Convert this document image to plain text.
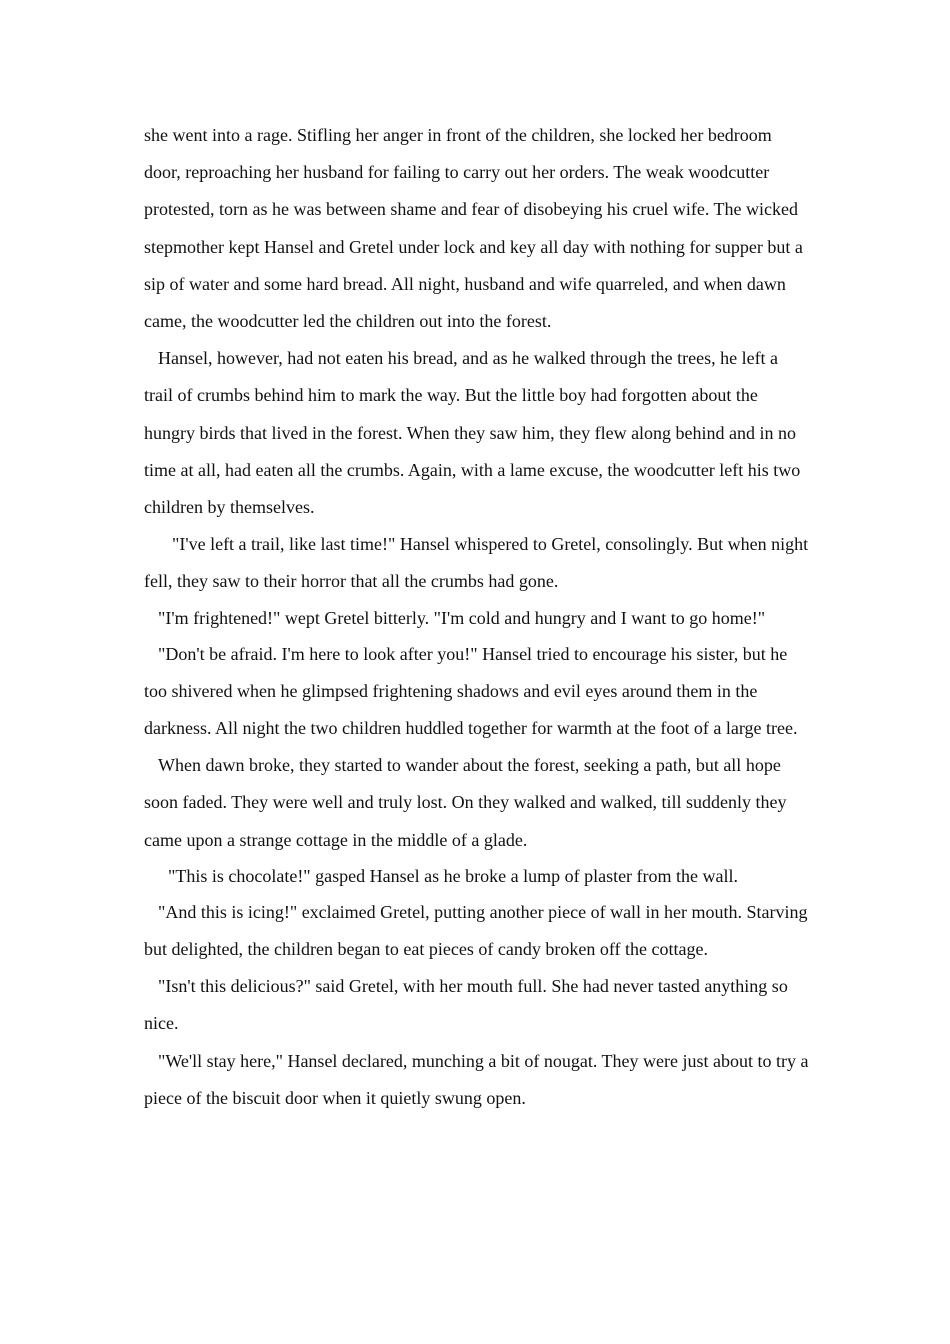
she went into a rage. Stifling her anger in front of the children, she locked her bedroom door, reproaching her husband for failing to carry out her orders. The weak woodcutter protested, torn as he was between shame and fear of disobeying his cruel wife. The wicked stepmother kept Hansel and Gretel under lock and key all day with nothing for supper but a sip of water and some hard bread. All night, husband and wife quarreled, and when dawn came, the woodcutter led the children out into the forest.

Hansel, however, had not eaten his bread, and as he walked through the trees, he left a trail of crumbs behind him to mark the way. But the little boy had forgotten about the hungry birds that lived in the forest. When they saw him, they flew along behind and in no time at all, had eaten all the crumbs. Again, with a lame excuse, the woodcutter left his two children by themselves.

"I've left a trail, like last time!" Hansel whispered to Gretel, consolingly. But when night fell, they saw to their horror that all the crumbs had gone.

"I'm frightened!" wept Gretel bitterly. "I'm cold and hungry and I want to go home!"

"Don't be afraid. I'm here to look after you!" Hansel tried to encourage his sister, but he too shivered when he glimpsed frightening shadows and evil eyes around them in the darkness. All night the two children huddled together for warmth at the foot of a large tree.

When dawn broke, they started to wander about the forest, seeking a path, but all hope soon faded. They were well and truly lost. On they walked and walked, till suddenly they came upon a strange cottage in the middle of a glade.

"This is chocolate!" gasped Hansel as he broke a lump of plaster from the wall.

"And this is icing!" exclaimed Gretel, putting another piece of wall in her mouth. Starving but delighted, the children began to eat pieces of candy broken off the cottage.

"Isn't this delicious?" said Gretel, with her mouth full. She had never tasted anything so nice.

"We'll stay here," Hansel declared, munching a bit of nougat. They were just about to try a piece of the biscuit door when it quietly swung open.
